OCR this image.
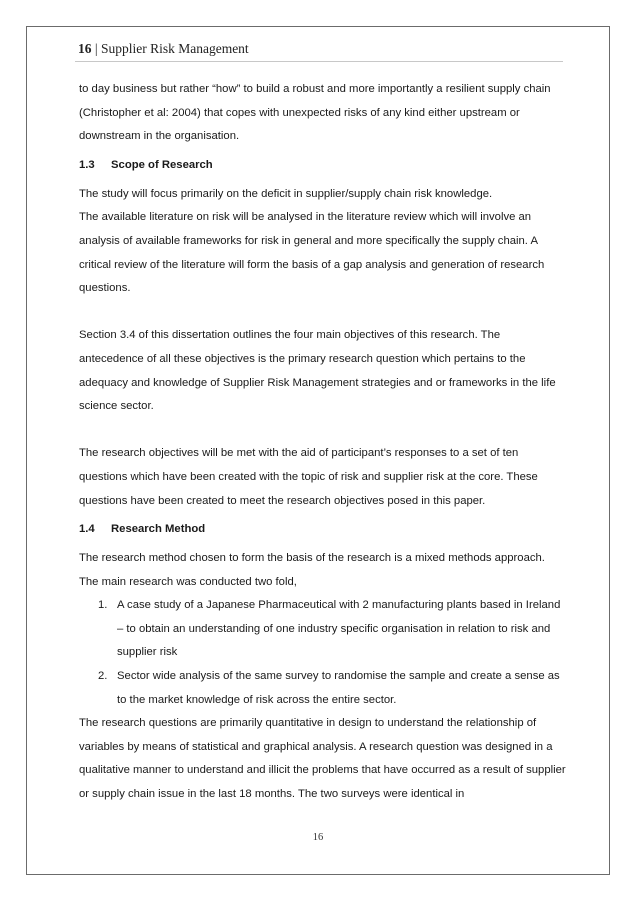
16 | Supplier Risk Management

to day business but rather “how” to build a robust and more importantly a resilient supply chain (Christopher et al: 2004) that copes with unexpected risks of any kind either upstream or downstream in the organisation.

1.3 Scope of Research

The study will focus primarily on the deficit in supplier/supply chain risk knowledge.

The available literature on risk will be analysed in the literature review which will involve an analysis of available frameworks for risk in general and more specifically the supply chain. A critical review of the literature will form the basis of a gap analysis and generation of research questions.

Section 3.4 of this dissertation outlines the four main objectives of this research. The antecedence of all these objectives is the primary research question which pertains to the adequacy and knowledge of Supplier Risk Management strategies and or frameworks in the life science sector.

The research objectives will be met with the aid of participant’s responses to a set of ten questions which have been created with the topic of risk and supplier risk at the core. These questions have been created to meet the research objectives posed in this paper.

1.4 Research Method

The research method chosen to form the basis of the research is a mixed methods approach. The main research was conducted two fold,

1. A case study of a Japanese Pharmaceutical with 2 manufacturing plants based in Ireland – to obtain an understanding of one industry specific organisation in relation to risk and supplier risk
2. Sector wide analysis of the same survey to randomise the sample and create a sense as to the market knowledge of risk across the entire sector.

The research questions are primarily quantitative in design to understand the relationship of variables by means of statistical and graphical analysis. A research question was designed in a qualitative manner to understand and illicit the problems that have occurred as a result of supplier or supply chain issue in the last 18 months. The two surveys were identical in

16
